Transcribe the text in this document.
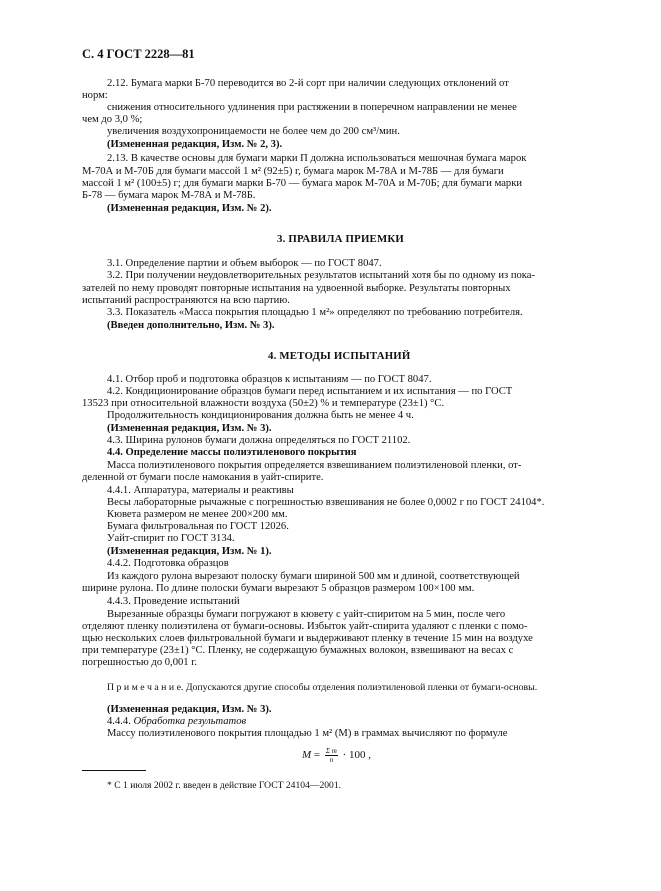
С. 4 ГОСТ 2228—81
2.12. Бумага марки Б-70 переводится во 2-й сорт при наличии следующих отклонений от
норм:
снижения относительного удлинения при растяжении в поперечном направлении не менее
чем до 3,0 %;
увеличения воздухопроницаемости не более чем до 200 см³/мин.
(Измененная редакция, Изм. № 2, 3).
2.13. В качестве основы для бумаги марки П должна использоваться мешочная бумага марок
М-70А и М-70Б для бумаги массой 1 м² (92±5) г, бумага марок М-78А и М-78Б — для бумаги
массой 1 м² (100±5) г; для бумаги марки Б-70 — бумага марок М-70А и М-70Б; для бумаги марки
Б-78 — бумага марок М-78А и М-78Б.
(Измененная редакция, Изм. № 2).
3. ПРАВИЛА ПРИЕМКИ
3.1. Определение партии и объем выборок — по ГОСТ 8047.
3.2. При получении неудовлетворительных результатов испытаний хотя бы по одному из пока-
зателей по нему проводят повторные испытания на удвоенной выборке. Результаты повторных
испытаний распространяются на всю партию.
3.3. Показатель «Масса покрытия площадью 1 м²» определяют по требованию потребителя.
(Введен дополнительно, Изм. № 3).
4. МЕТОДЫ ИСПЫТАНИЙ
4.1. Отбор проб и подготовка образцов к испытаниям — по ГОСТ 8047.
4.2. Кондиционирование образцов бумаги перед испытанием и их испытания — по ГОСТ
13523 при относительной влажности воздуха (50±2) % и температуре (23±1) °С.
Продолжительность кондиционирования должна быть не менее 4 ч.
(Измененная редакция, Изм. № 3).
4.3. Ширина рулонов бумаги должна определяться по ГОСТ 21102.
4.4. Определение массы полиэтиленового покрытия
Масса полиэтиленового покрытия определяется взвешиванием полиэтиленовой пленки, от-
деленной от бумаги после намокания в уайт-спирите.
4.4.1. Аппаратура, материалы и реактивы
Весы лабораторные рычажные с погрешностью взвешивания не более 0,0002 г по ГОСТ 24104*.
Кювета размером не менее 200×200 мм.
Бумага фильтровальная по ГОСТ 12026.
Уайт-спирит по ГОСТ 3134.
(Измененная редакция, Изм. № 1).
4.4.2. Подготовка образцов
Из каждого рулона вырезают полоску бумаги шириной 500 мм и длиной, соответствующей
ширине рулона. По длине полоски бумаги вырезают 5 образцов размером 100×100 мм.
4.4.3. Проведение испытаний
Вырезанные образцы бумаги погружают в кювету с уайт-спиритом на 5 мин, после чего
отделяют пленку полиэтилена от бумаги-основы. Избыток уайт-спирита удаляют с пленки с помо-
щью нескольких слоев фильтровальной бумаги и выдерживают пленку в течение 15 мин на воздухе
при температуре (23±1) °С. Пленку, не содержащую бумажных волокон, взвешивают на весах с
погрешностью до 0,001 г.
П р и м е ч а н и е. Допускаются другие способы отделения полиэтиленовой пленки от бумаги-основы.
(Измененная редакция, Изм. № 3).
4.4.4. Обработка результатов
Массу полиэтиленового покрытия площадью 1 м² (М) в граммах вычисляют по формуле
$M = \frac{\text{Σ m}}{n} \cdot 100$ ,
* С 1 июля 2002 г. введен в действие ГОСТ 24104—2001.
